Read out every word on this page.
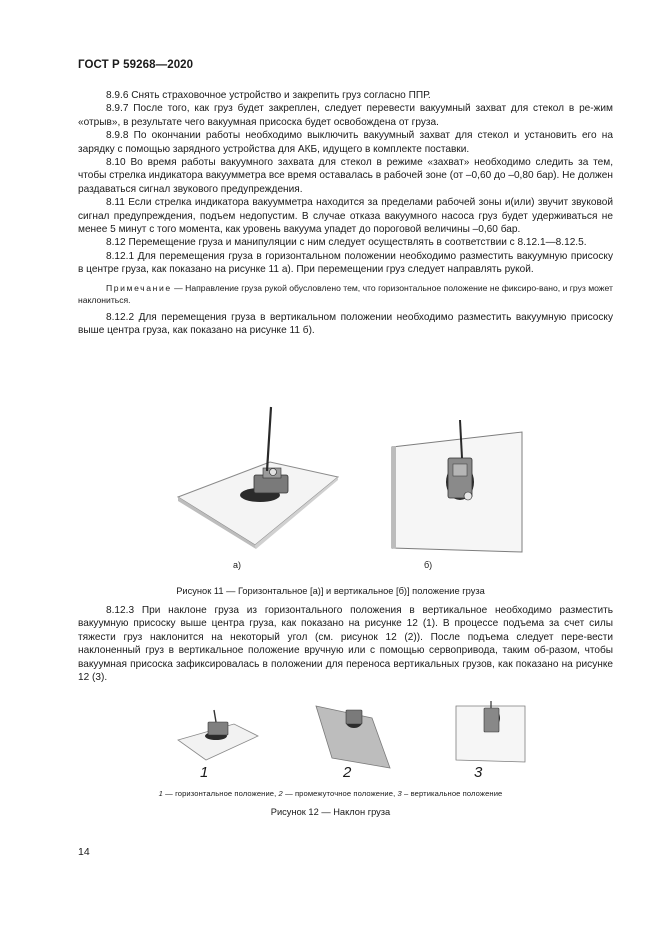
ГОСТ Р 59268—2020

8.9.6 Снять страховочное устройство и закрепить груз согласно ППР.

8.9.7 После того, как груз будет закреплен, следует перевести вакуумный захват для стекол в ре-жим «отрыв», в результате чего вакуумная присоска будет освобождена от груза.

8.9.8 По окончании работы необходимо выключить вакуумный захват для стекол и установить его на зарядку с помощью зарядного устройства для АКБ, идущего в комплекте поставки.

8.10 Во время работы вакуумного захвата для стекол в режиме «захват» необходимо следить за тем, чтобы стрелка индикатора вакуумметра все время оставалась в рабочей зоне (от –0,60 до –0,80 бар). Не должен раздаваться сигнал звукового предупреждения.

8.11 Если стрелка индикатора вакуумметра находится за пределами рабочей зоны и(или) звучит звуковой сигнал предупреждения, подъем недопустим. В случае отказа вакуумного насоса груз будет удерживаться не менее 5 минут с того момента, как уровень вакуума упадет до пороговой величины –0,60 бар.

8.12 Перемещение груза и манипуляции с ним следует осуществлять в соответствии с 8.12.1—8.12.5.

8.12.1 Для перемещения груза в горизонтальном положении необходимо разместить вакуумную присоску в центре груза, как показано на рисунке 11 а). При перемещении груз следует направлять рукой.

Примечание — Направление груза рукой обусловлено тем, что горизонтальное положение не фиксиро-вано, и груз может наклониться.

8.12.2 Для перемещения груза в вертикальном положении необходимо разместить вакуумную присоску выше центра груза, как показано на рисунке 11 б).

а)	б)
Рисунок 11 — Горизонтальное [а)] и вертикальное [б)] положение груза

8.12.3 При наклоне груза из горизонтального положения в вертикальное необходимо разместить вакуумную присоску выше центра груза, как показано на рисунке 12 (1). В процессе подъема за счет силы тяжести груз наклонится на некоторый угол (см. рисунок 12 (2)). После подъема следует пере-вести наклоненный груз в вертикальное положение вручную или с помощью сервопривода, таким об-разом, чтобы вакуумная присоска зафиксировалась в положении для переноса вертикальных грузов, как показано на рисунке 12 (3).

1	2	3
1 — горизонтальное положение, 2 — промежуточное положение, 3 – вертикальное положение
Рисунок 12 — Наклон груза
14
